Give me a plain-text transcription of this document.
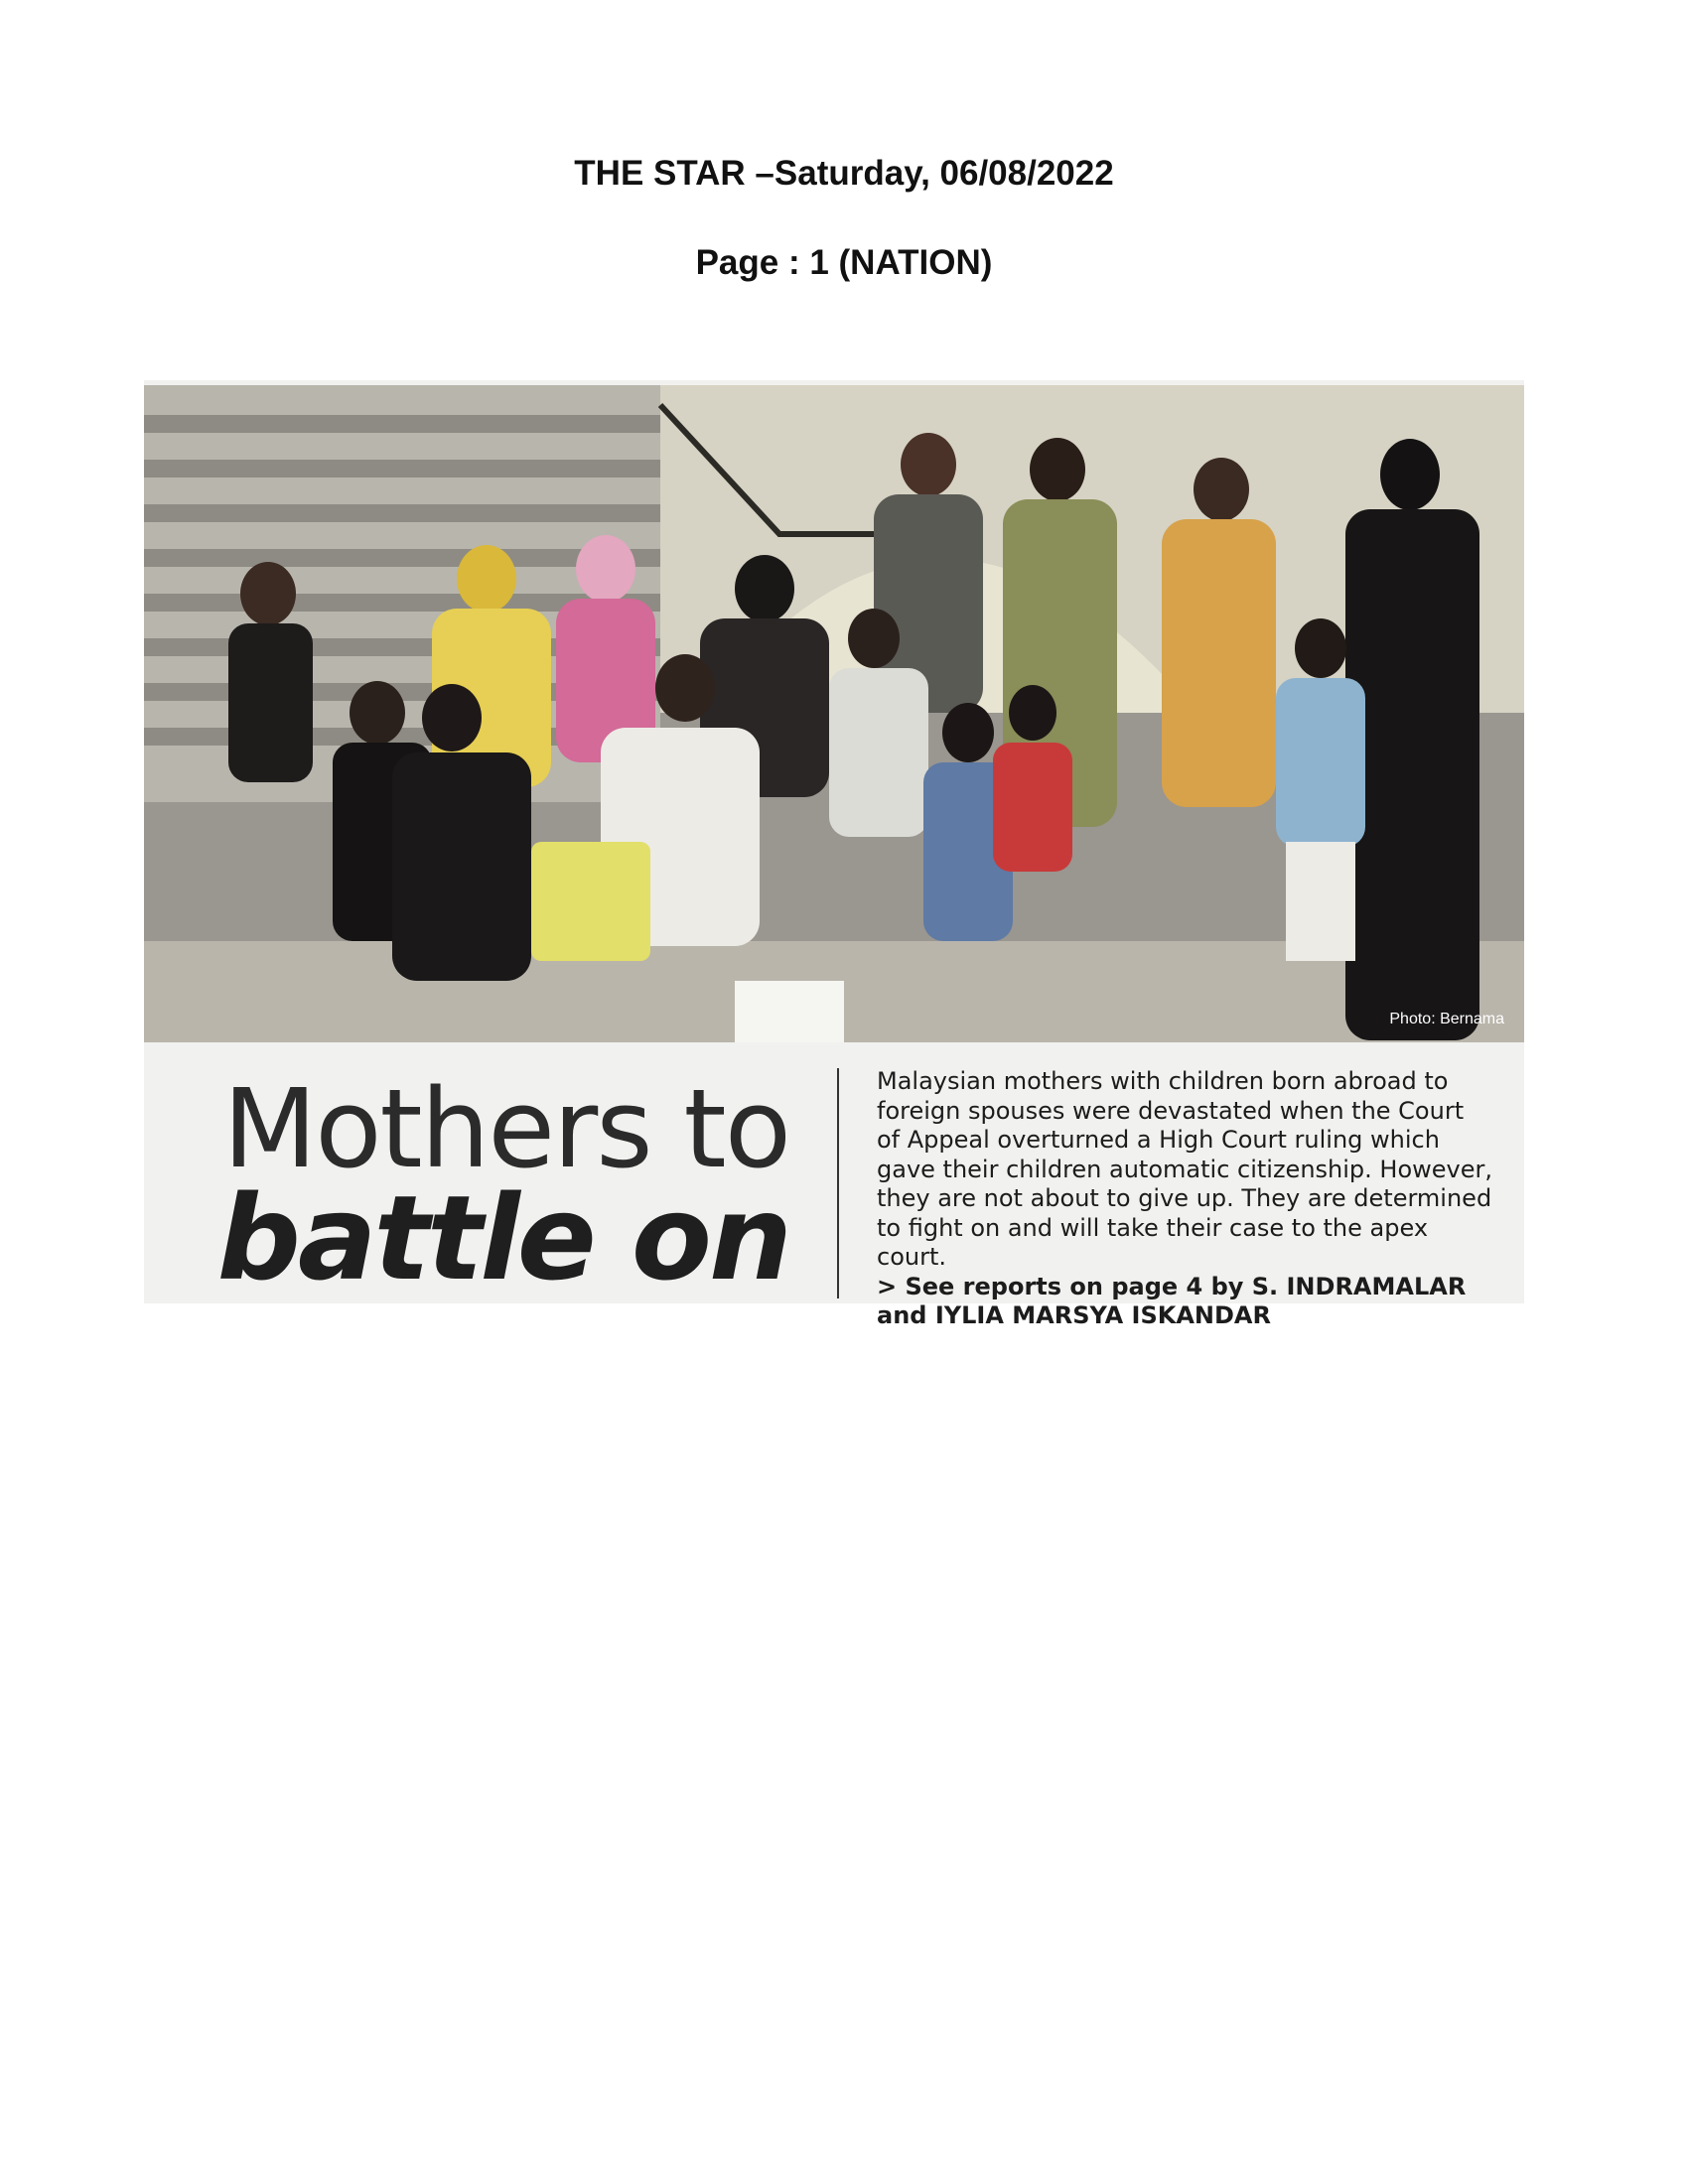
THE STAR –Saturday, 06/08/2022
Page : 1 (NATION)
Photo: Bernama
Mothers to
battle on

Malaysian mothers with children born abroad to foreign spouses were devastated when the Court of Appeal overturned a High Court ruling which gave their children automatic citizenship. However, they are not about to give up. They are determined to fight on and will take their case to the apex court.

> See reports on page 4 by S. INDRAMALAR and IYLIA MARSYA ISKANDAR
